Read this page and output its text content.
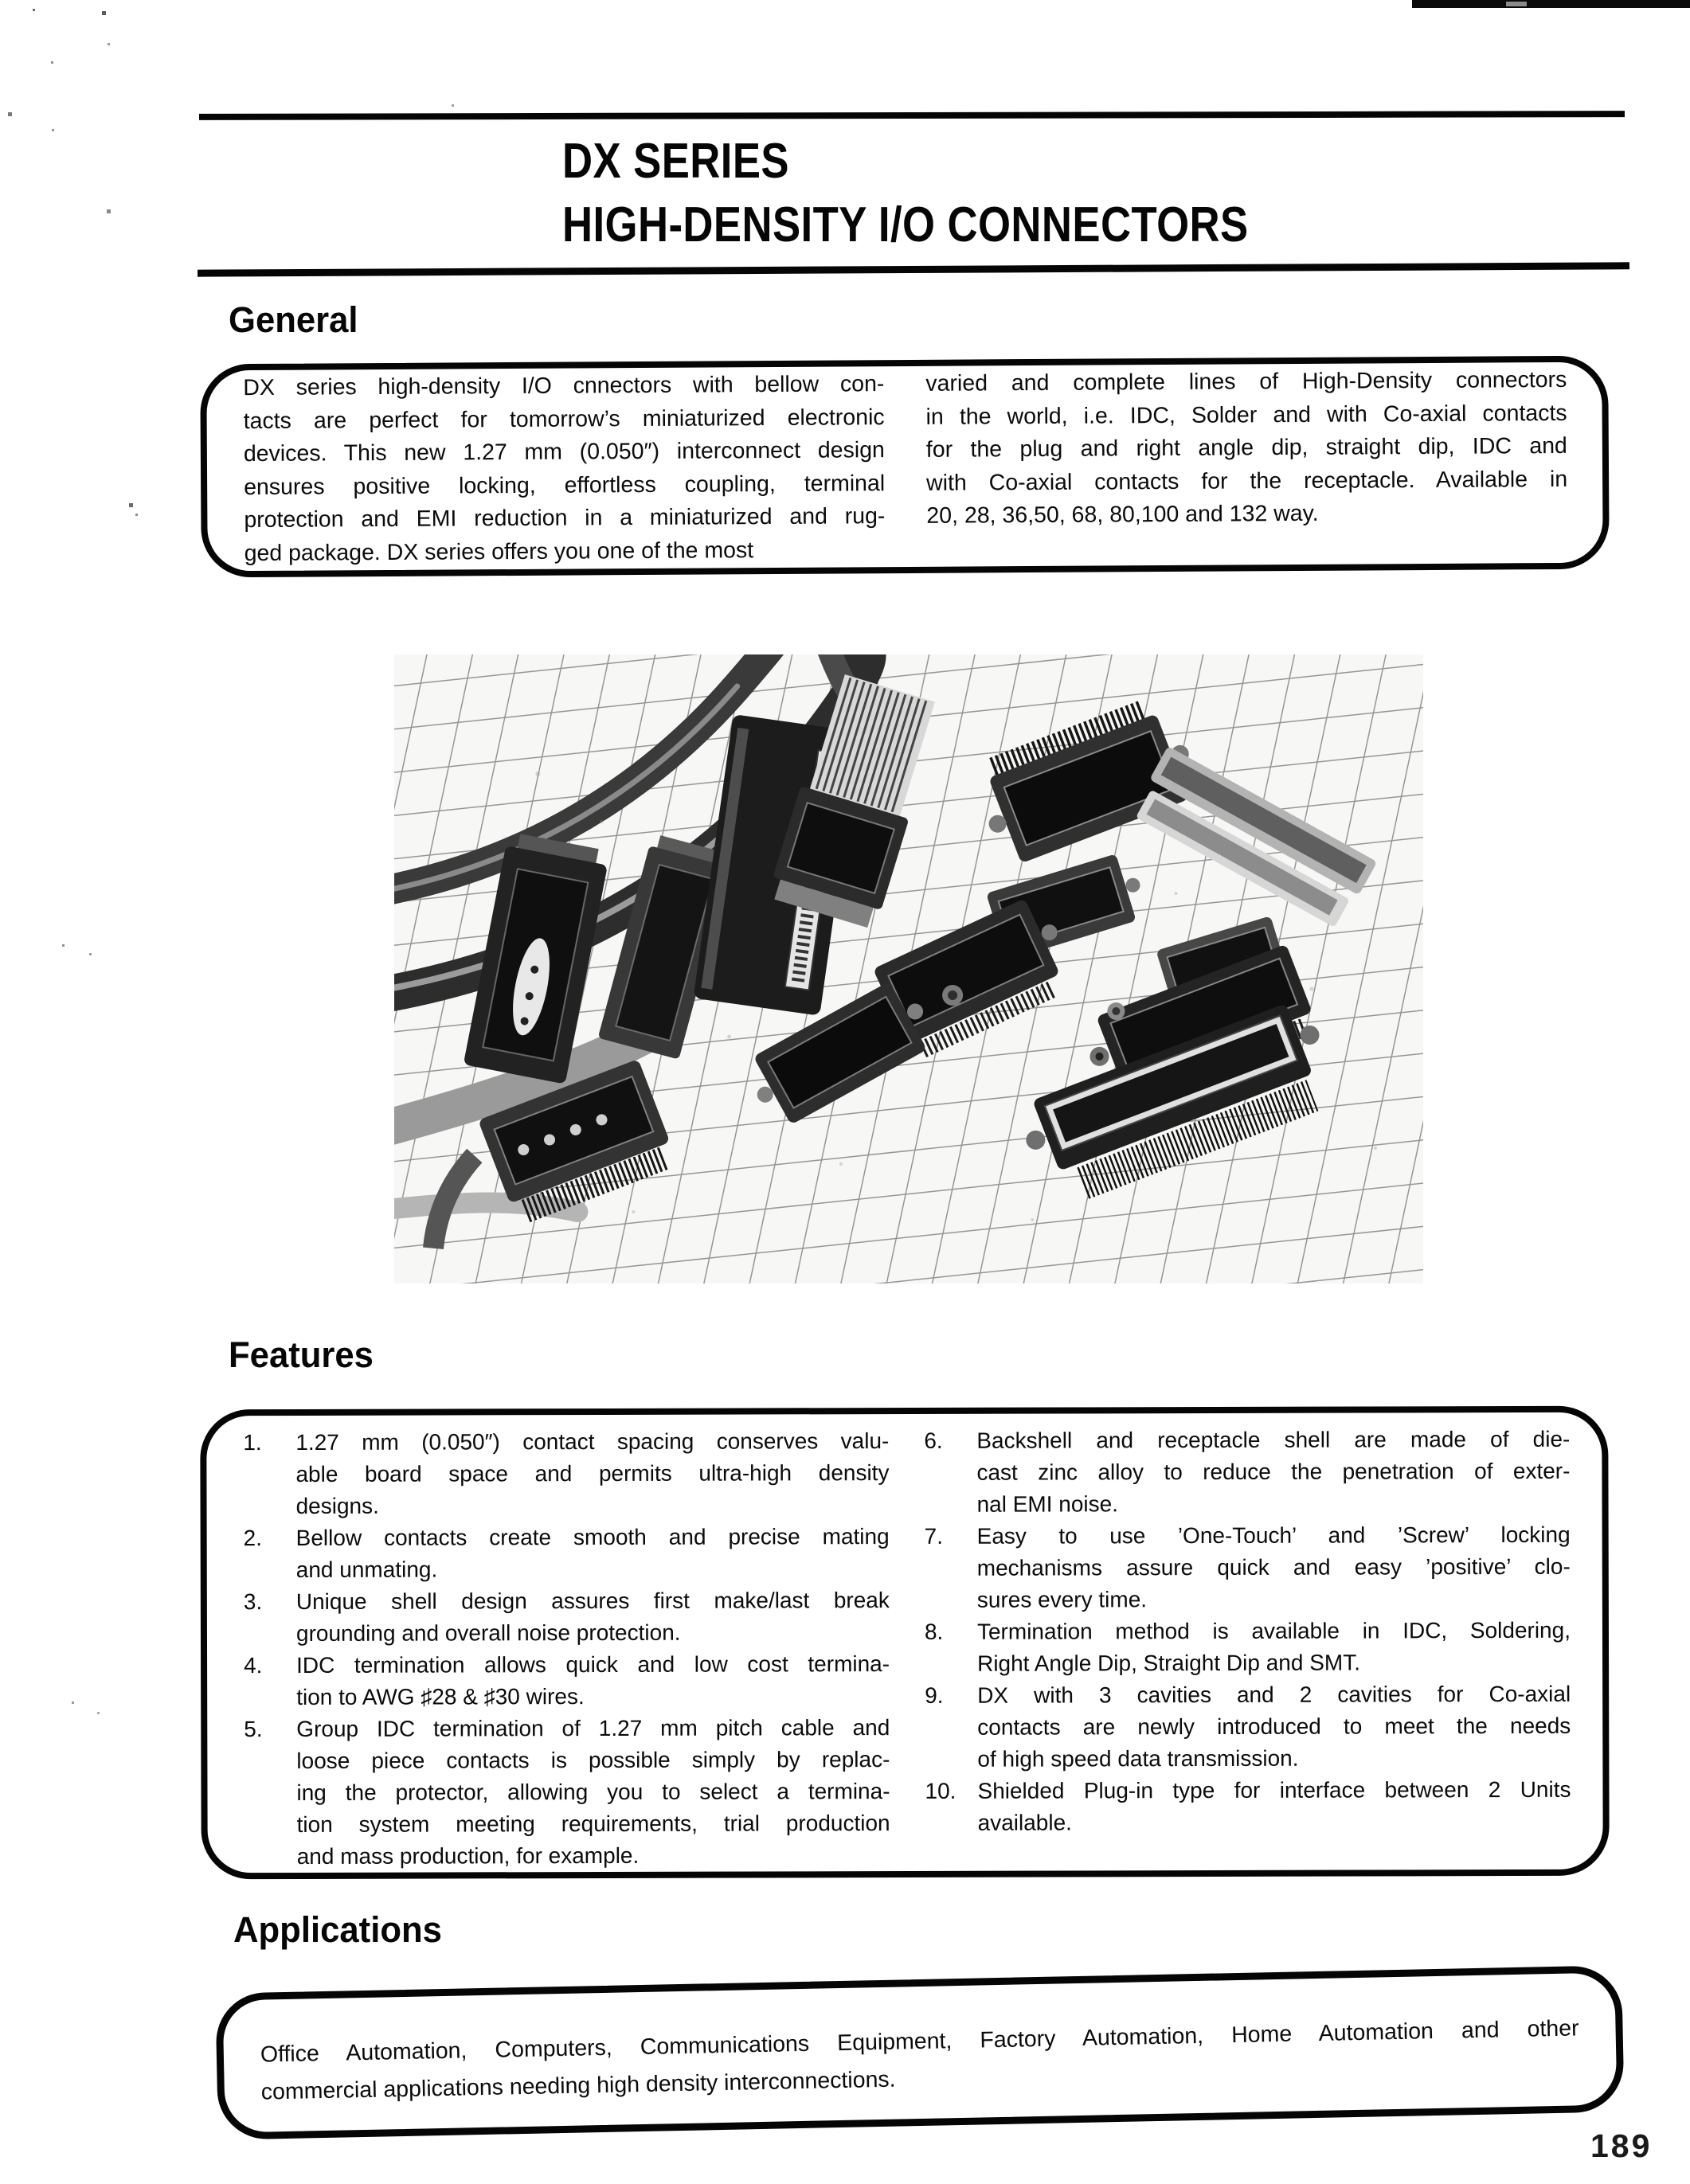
DX SERIES
HIGH-DENSITY I/O CONNECTORS
General
DX series high-density I/O cnnectors with bellow con-
tacts are perfect for tomorrow’s miniaturized electronic
devices. This new 1.27 mm (0.050″) interconnect design
ensures positive locking, effortless coupling, terminal
protection and EMI reduction in a miniaturized and rug-
ged package. DX series offers you one of the most
varied and complete lines of High-Density connectors
in the world, i.e. IDC, Solder and with Co-axial contacts
for the plug and right angle dip, straight dip, IDC and
with Co-axial contacts for the receptacle. Available in
20, 28, 36,50, 68, 80,100 and 132 way.
Features
1. 1.27 mm (0.050″) contact spacing conserves valu-
able board space and permits ultra-high density
designs.
2. Bellow contacts create smooth and precise mating
and unmating.
3. Unique shell design assures first make/last break
grounding and overall noise protection.
4. IDC termination allows quick and low cost termina-
tion to AWG ♯28 & ♯30 wires.
5. Group IDC termination of 1.27 mm pitch cable and
loose piece contacts is possible simply by replac-
ing the protector, allowing you to select a termina-
tion system meeting requirements, trial production
and mass production, for example.
6. Backshell and receptacle shell are made of die-
cast zinc alloy to reduce the penetration of exter-
nal EMI noise.
7. Easy to use ’One-Touch’ and ’Screw’ locking
mechanisms assure quick and easy ’positive’ clo-
sures every time.
8. Termination method is available in IDC, Soldering,
Right Angle Dip, Straight Dip and SMT.
9. DX with 3 cavities and 2 cavities for Co-axial
contacts are newly introduced to meet the needs
of high speed data transmission.
10. Shielded Plug-in type for interface between 2 Units
available.
Applications
Office Automation, Computers, Communications Equipment, Factory Automation, Home Automation and other
commercial applications needing high density interconnections.
189
